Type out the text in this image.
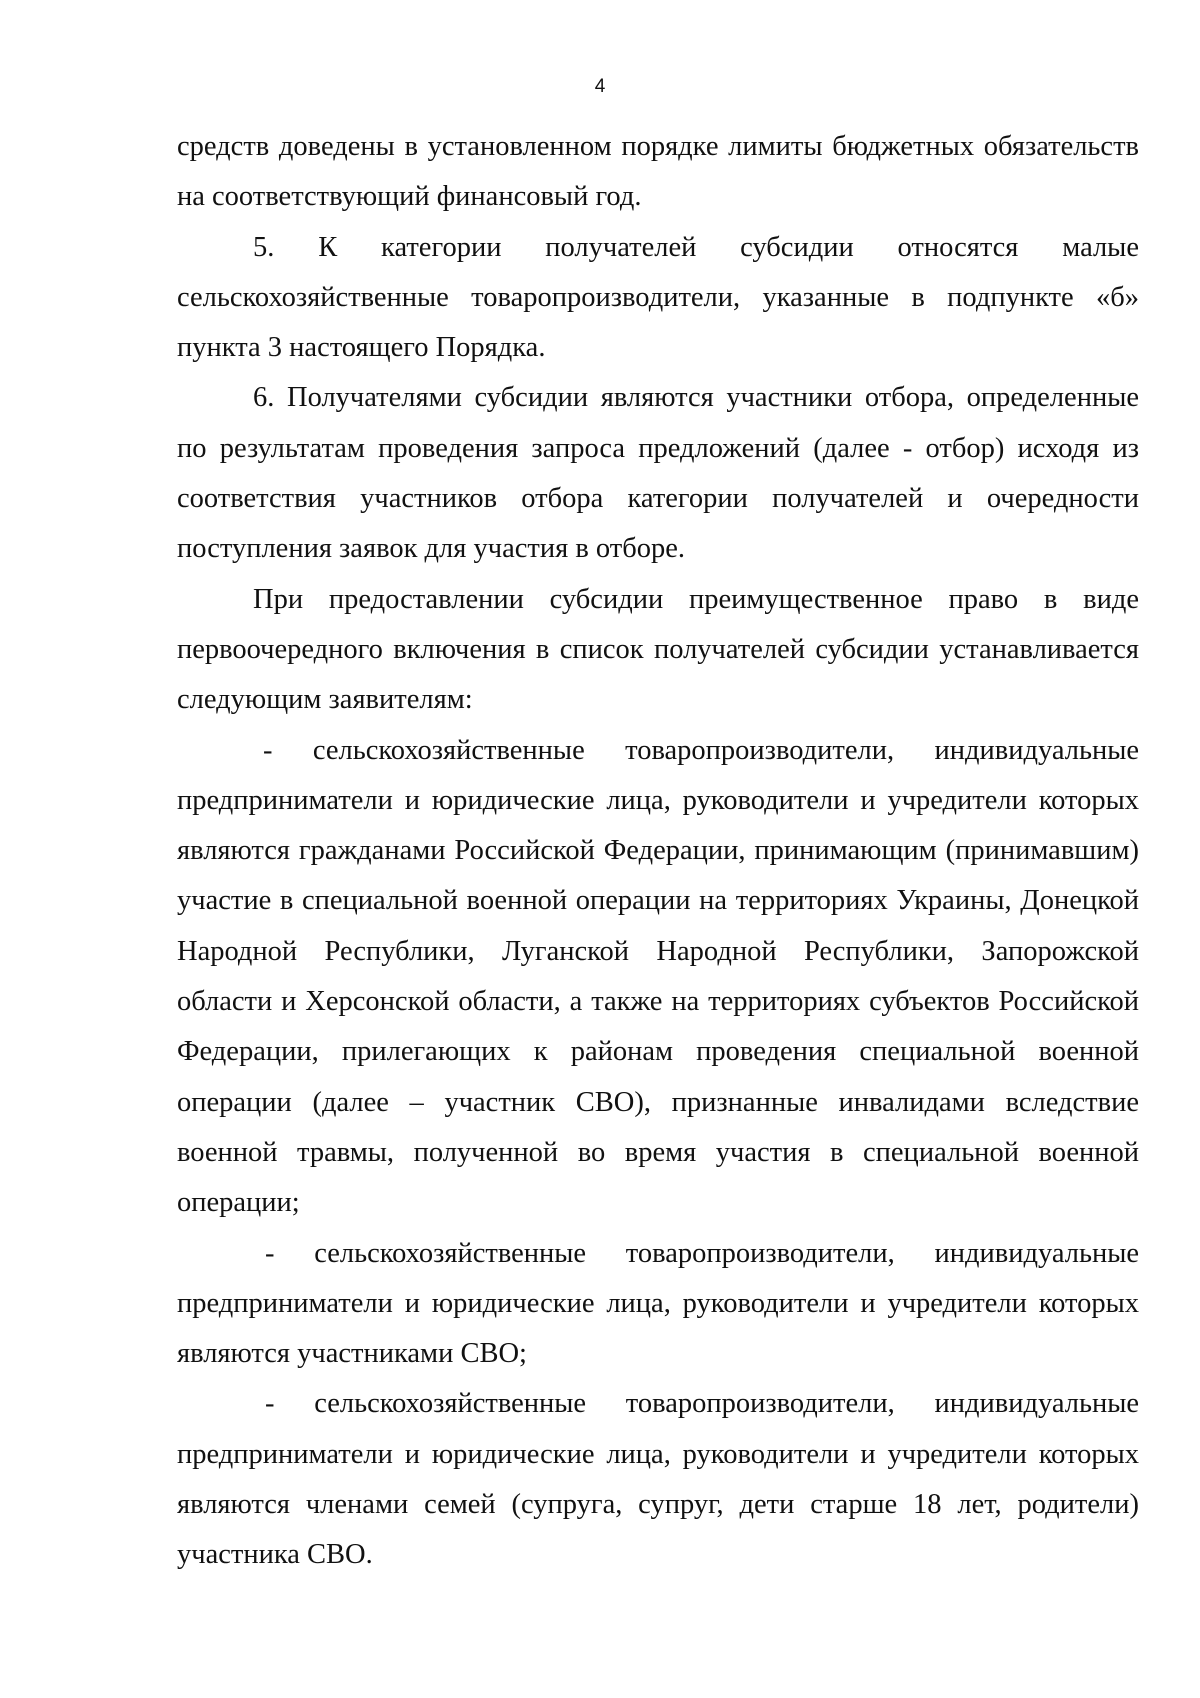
4

средств доведены в установленном порядке лимиты бюджетных обязательств на соответствующий финансовый год.

5. К категории получателей субсидии относятся малые сельскохозяйственные товаропроизводители, указанные в подпункте «б» пункта 3 настоящего Порядка.

6. Получателями субсидии являются участники отбора, определенные по результатам проведения запроса предложений (далее - отбор) исходя из соответствия участников отбора категории получателей и очередности поступления заявок для участия в отборе.

При предоставлении субсидии преимущественное право в виде первоочередного включения в список получателей субсидии устанавливается следующим заявителям:

- сельскохозяйственные товаропроизводители, индивидуальные предприниматели и юридические лица, руководители и учредители которых являются гражданами Российской Федерации, принимающим (принимавшим) участие в специальной военной операции на территориях Украины, Донецкой Народной Республики, Луганской Народной Республики, Запорожской области и Херсонской области, а также на территориях субъектов Российской Федерации, прилегающих к районам проведения специальной военной операции (далее – участник СВО), признанные инвалидами вследствие военной травмы, полученной во время участия в специальной военной операции;

- сельскохозяйственные товаропроизводители, индивидуальные предприниматели и юридические лица, руководители и учредители которых являются участниками СВО;

- сельскохозяйственные товаропроизводители, индивидуальные предприниматели и юридические лица, руководители и учредители которых являются членами семей (супруга, супруг, дети старше 18 лет, родители) участника СВО.
